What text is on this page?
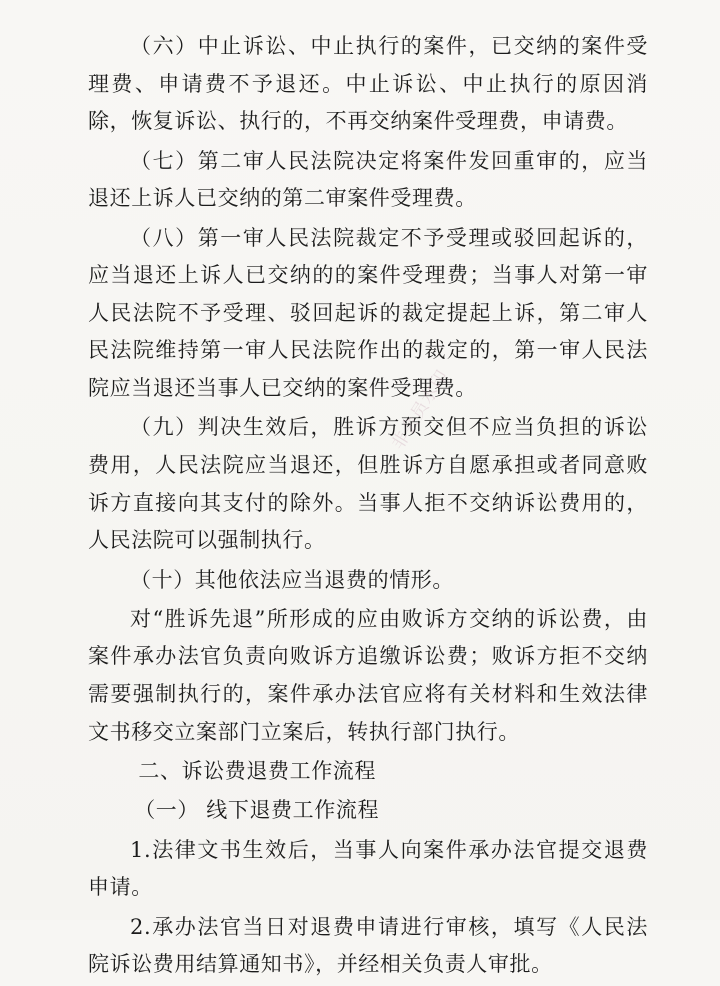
（六）中止诉讼、中止执行的案件，已交纳的案件受理费、申请费不予退还。中止诉讼、中止执行的原因消除，恢复诉讼、执行的，不再交纳案件受理费，申请费。

（七）第二审人民法院决定将案件发回重审的，应当退还上诉人已交纳的第二审案件受理费。

（八）第一审人民法院裁定不予受理或驳回起诉的，应当退还上诉人已交纳的的案件受理费；当事人对第一审人民法院不予受理、驳回起诉的裁定提起上诉，第二审人民法院维持第一审人民法院作出的裁定的，第一审人民法院应当退还当事人已交纳的案件受理费。

（九）判决生效后，胜诉方预交但不应当负担的诉讼费用，人民法院应当退还，但胜诉方自愿承担或者同意败诉方直接向其支付的除外。当事人拒不交纳诉讼费用的，人民法院可以强制执行。

（十）其他依法应当退费的情形。

对“胜诉先退”所形成的应由败诉方交纳的诉讼费，由案件承办法官负责向败诉方追缴诉讼费；败诉方拒不交纳需要强制执行的，案件承办法官应将有关材料和生效法律文书移交立案部门立案后，转执行部门执行。

二、诉讼费退费工作流程

（一） 线下退费工作流程

1.法律文书生效后，当事人向案件承办法官提交退费申请。

2.承办法官当日对退费申请进行审核，填写《人民法院诉讼费用结算通知书》，并经相关负责人审批。

非会员水印
